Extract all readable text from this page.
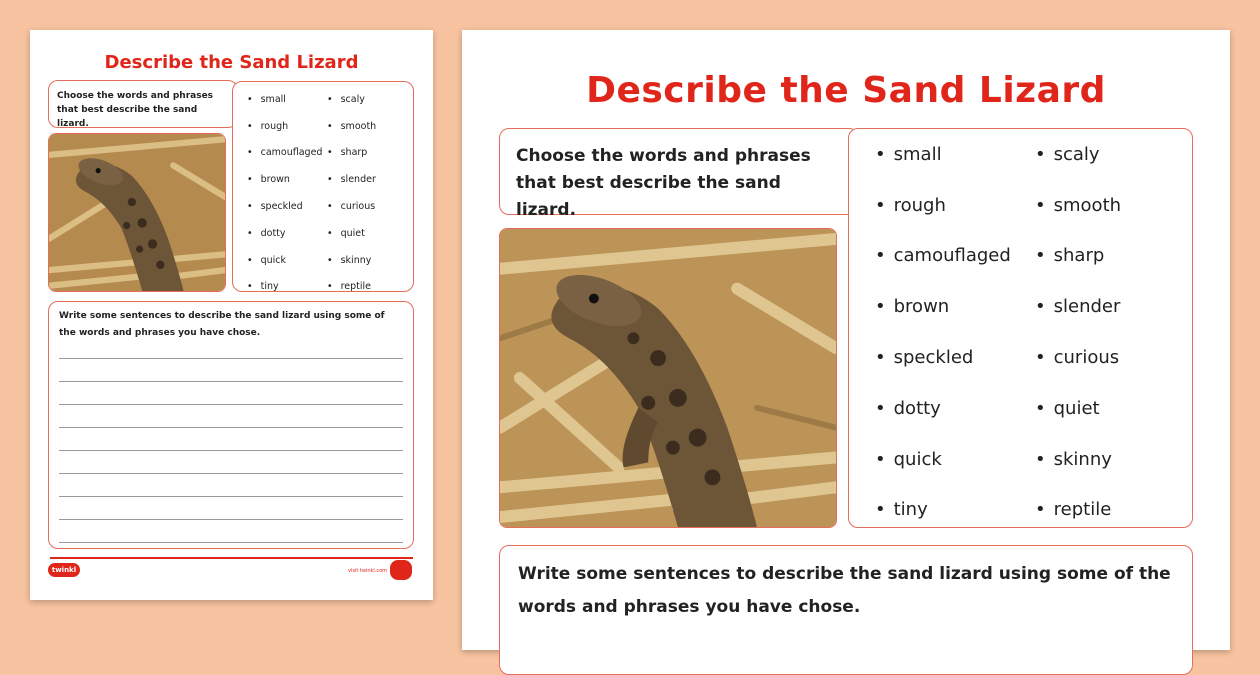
Describe the Sand Lizard
Choose the words and phrases that best describe the sand lizard.
• small	• scaly
• rough	• smooth
• camouflaged	• sharp
• brown	• slender
• speckled	• curious
• dotty	• quiet
• quick	• skinny
• tiny	• reptile
Write some sentences to describe the sand lizard using some of the words and phrases you have chose.
twinkl	visit twinkl.com
Describe the Sand Lizard
Choose the words and phrases that best describe the sand lizard.
• small	• scaly
• rough	• smooth
• camouflaged	• sharp
• brown	• slender
• speckled	• curious
• dotty	• quiet
• quick	• skinny
• tiny	• reptile
Write some sentences to describe the sand lizard using some of the words and phrases you have chose.
